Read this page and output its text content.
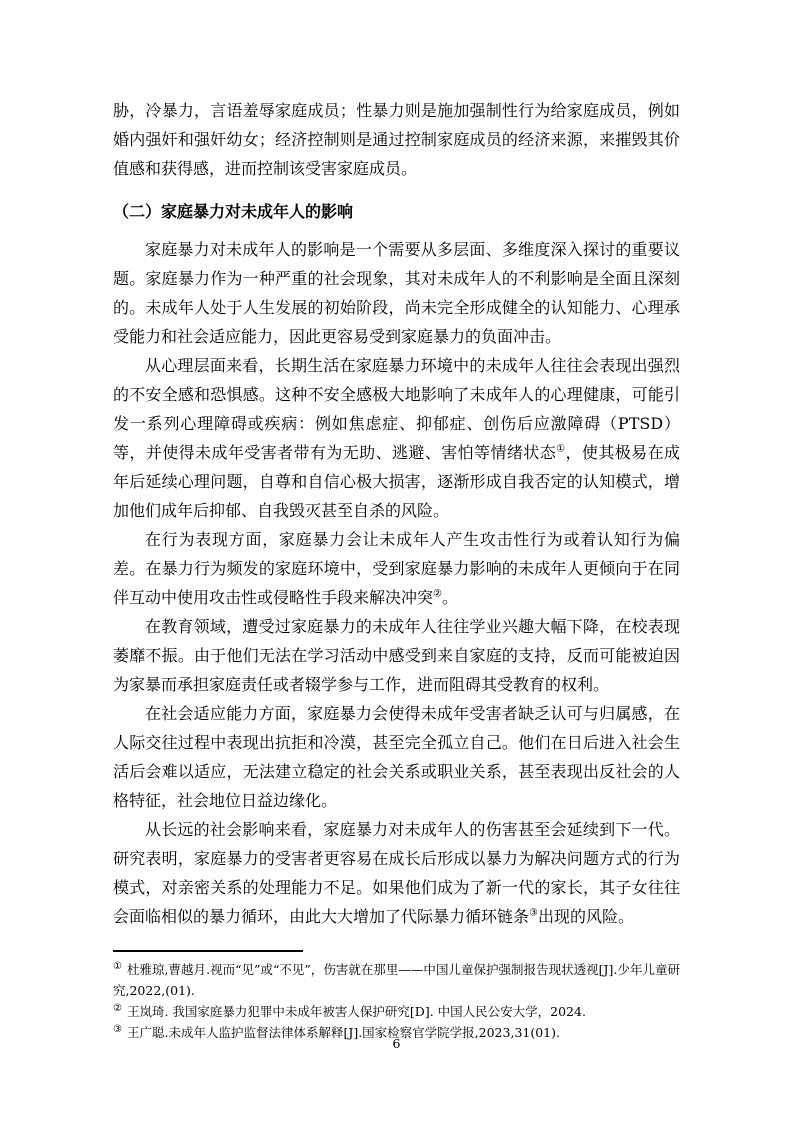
胁，冷暴力，言语羞辱家庭成员；性暴力则是施加强制性行为给家庭成员，例如婚内强奸和强奸幼女；经济控制则是通过控制家庭成员的经济来源，来摧毁其价值感和获得感，进而控制该受害家庭成员。

（二）家庭暴力对未成年人的影响

家庭暴力对未成年人的影响是一个需要从多层面、多维度深入探讨的重要议题。家庭暴力作为一种严重的社会现象，其对未成年人的不利影响是全面且深刻的。未成年人处于人生发展的初始阶段，尚未完全形成健全的认知能力、心理承受能力和社会适应能力，因此更容易受到家庭暴力的负面冲击。

从心理层面来看，长期生活在家庭暴力环境中的未成年人往往会表现出强烈的不安全感和恐惧感。这种不安全感极大地影响了未成年人的心理健康，可能引发一系列心理障碍或疾病：例如焦虑症、抑郁症、创伤后应激障碍（PTSD）等，并使得未成年受害者带有为无助、逃避、害怕等情绪状态①，使其极易在成年后延续心理问题，自尊和自信心极大损害，逐渐形成自我否定的认知模式，增加他们成年后抑郁、自我毁灭甚至自杀的风险。

在行为表现方面，家庭暴力会让未成年人产生攻击性行为或着认知行为偏差。在暴力行为频发的家庭环境中，受到家庭暴力影响的未成年人更倾向于在同伴互动中使用攻击性或侵略性手段来解决冲突②。

在教育领域，遭受过家庭暴力的未成年人往往学业兴趣大幅下降，在校表现萎靡不振。由于他们无法在学习活动中感受到来自家庭的支持，反而可能被迫因为家暴而承担家庭责任或者辍学参与工作，进而阻碍其受教育的权利。

在社会适应能力方面，家庭暴力会使得未成年受害者缺乏认可与归属感，在人际交往过程中表现出抗拒和冷漠，甚至完全孤立自己。他们在日后进入社会生活后会难以适应，无法建立稳定的社会关系或职业关系，甚至表现出反社会的人格特征，社会地位日益边缘化。

从长远的社会影响来看，家庭暴力对未成年人的伤害甚至会延续到下一代。研究表明，家庭暴力的受害者更容易在成长后形成以暴力为解决问题方式的行为模式，对亲密关系的处理能力不足。如果他们成为了新一代的家长，其子女往往会面临相似的暴力循环，由此大大增加了代际暴力循环链条③出现的风险。

① 杜雅琼,曹越月.视而“见”或“不见”，伤害就在那里——中国儿童保护强制报告现状透视[J].少年儿童研究,2022,(01).
② 王岚琦. 我国家庭暴力犯罪中未成年被害人保护研究[D]. 中国人民公安大学，2024.
③ 王广聪.未成年人监护监督法律体系解释[J].国家检察官学院学报,2023,31(01).
6
